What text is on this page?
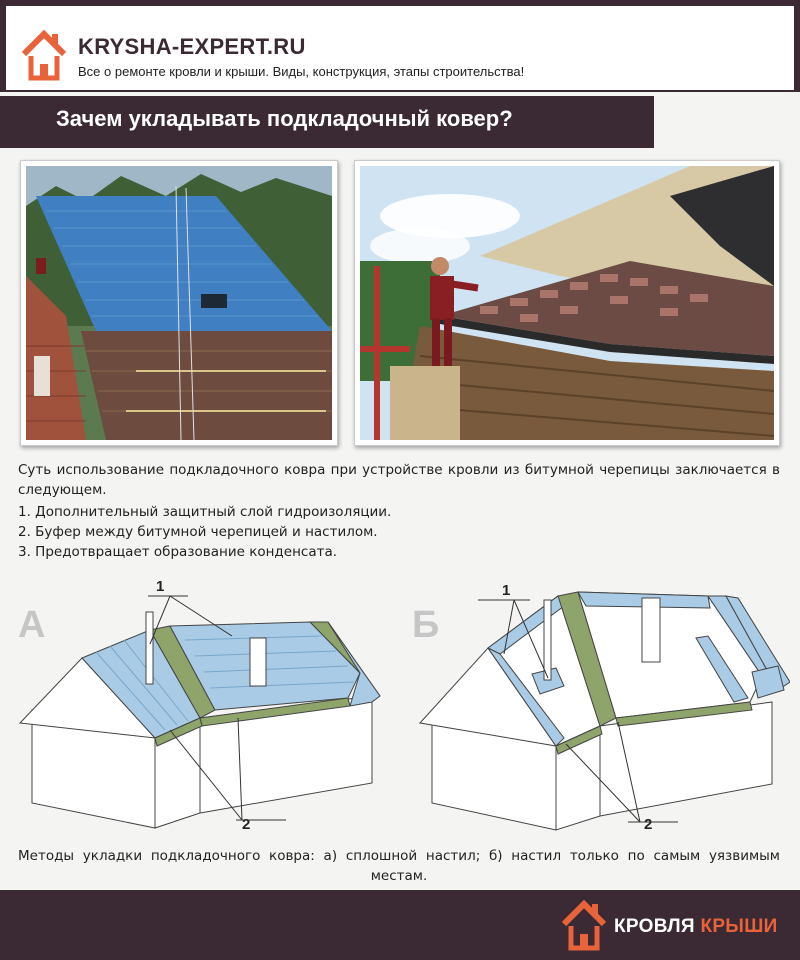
KRYSHA-EXPERT.RU
Все о ремонте кровли и крыши. Виды, конструкция, этапы строительства!
Зачем укладывать подкладочный ковер?
Суть использование подкладочного ковра при устройстве кровли из битумной черепицы заключается в следующем.
1. Дополнительный защитный слой гидроизоляции.
2. Буфер между битумной черепицей и настилом.
3. Предотвращает образование конденсата.
А
1
2
Б
1
2
Методы укладки подкладочного ковра: а) сплошной настил; б) настил только по самым уязвимым местам.
КРОВЛЯ КРЫШИ
